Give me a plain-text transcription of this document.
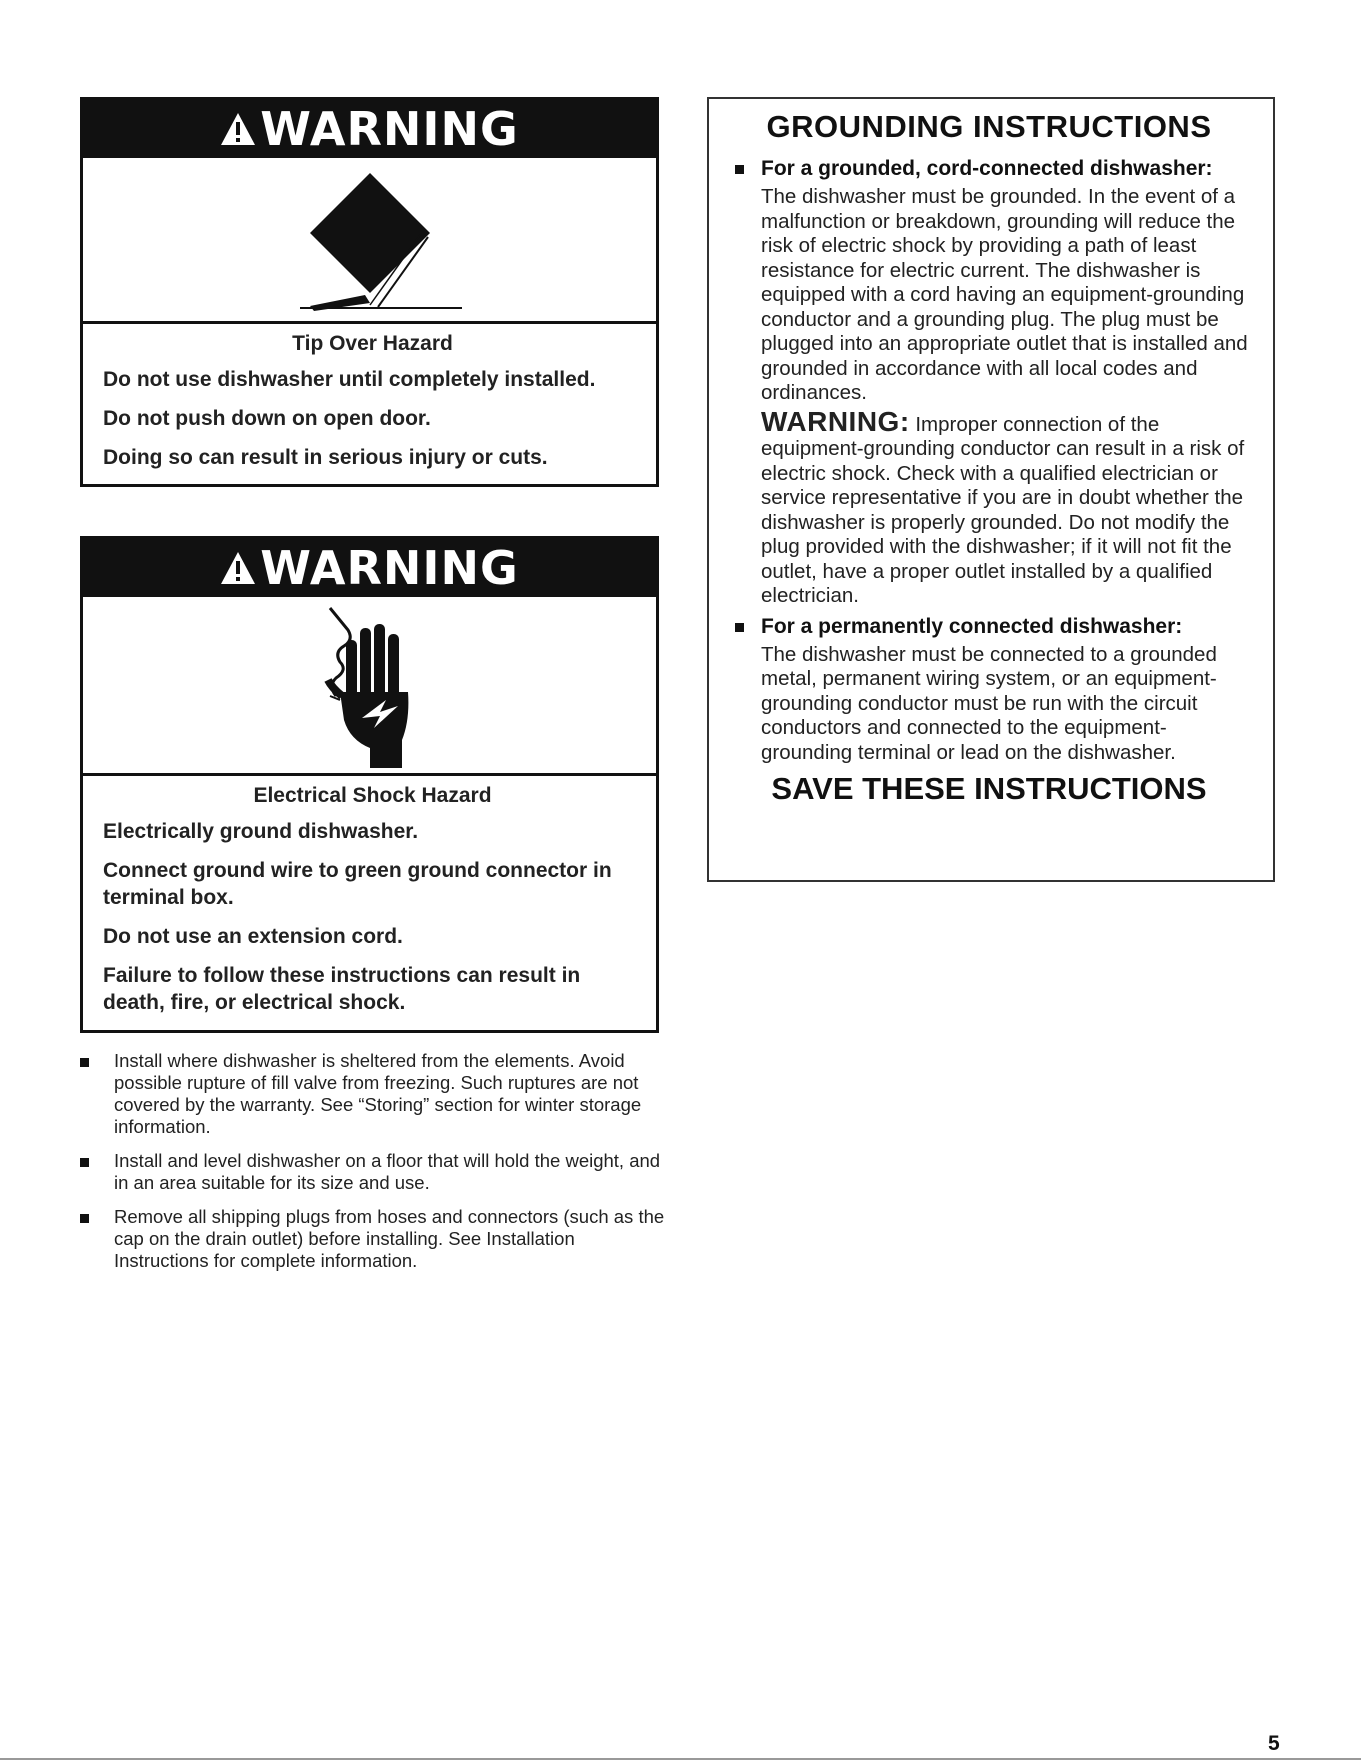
WARNING
Tip Over Hazard

Do not use dishwasher until completely installed.

Do not push down on open door.

Doing so can result in serious injury or cuts.

WARNING
Electrical Shock Hazard

Electrically ground dishwasher.

Connect ground wire to green ground connector in terminal box.

Do not use an extension cord.

Failure to follow these instructions can result in death, fire, or electrical shock.

GROUNDING INSTRUCTIONS
For a grounded, cord-connected dishwasher:

The dishwasher must be grounded. In the event of a malfunction or breakdown, grounding will reduce the risk of electric shock by providing a path of least resistance for electric current. The dishwasher is equipped with a cord having an equipment-grounding conductor and a grounding plug. The plug must be plugged into an appropriate outlet that is installed and grounded in accordance with all local codes and ordinances.

WARNING: Improper connection of the equipment-grounding conductor can result in a risk of electric shock. Check with a qualified electrician or service representative if you are in doubt whether the dishwasher is properly grounded. Do not modify the plug provided with the dishwasher; if it will not fit the outlet, have a proper outlet installed by a qualified electrician.

For a permanently connected dishwasher:

The dishwasher must be connected to a grounded metal, permanent wiring system, or an equipment-grounding conductor must be run with the circuit conductors and connected to the equipment-grounding terminal or lead on the dishwasher.

SAVE THESE INSTRUCTIONS

Install where dishwasher is sheltered from the elements. Avoid possible rupture of fill valve from freezing. Such ruptures are not covered by the warranty. See “Storing” section for winter storage information.

Install and level dishwasher on a floor that will hold the weight, and in an area suitable for its size and use.

Remove all shipping plugs from hoses and connectors (such as the cap on the drain outlet) before installing. See Installation Instructions for complete information.

5
